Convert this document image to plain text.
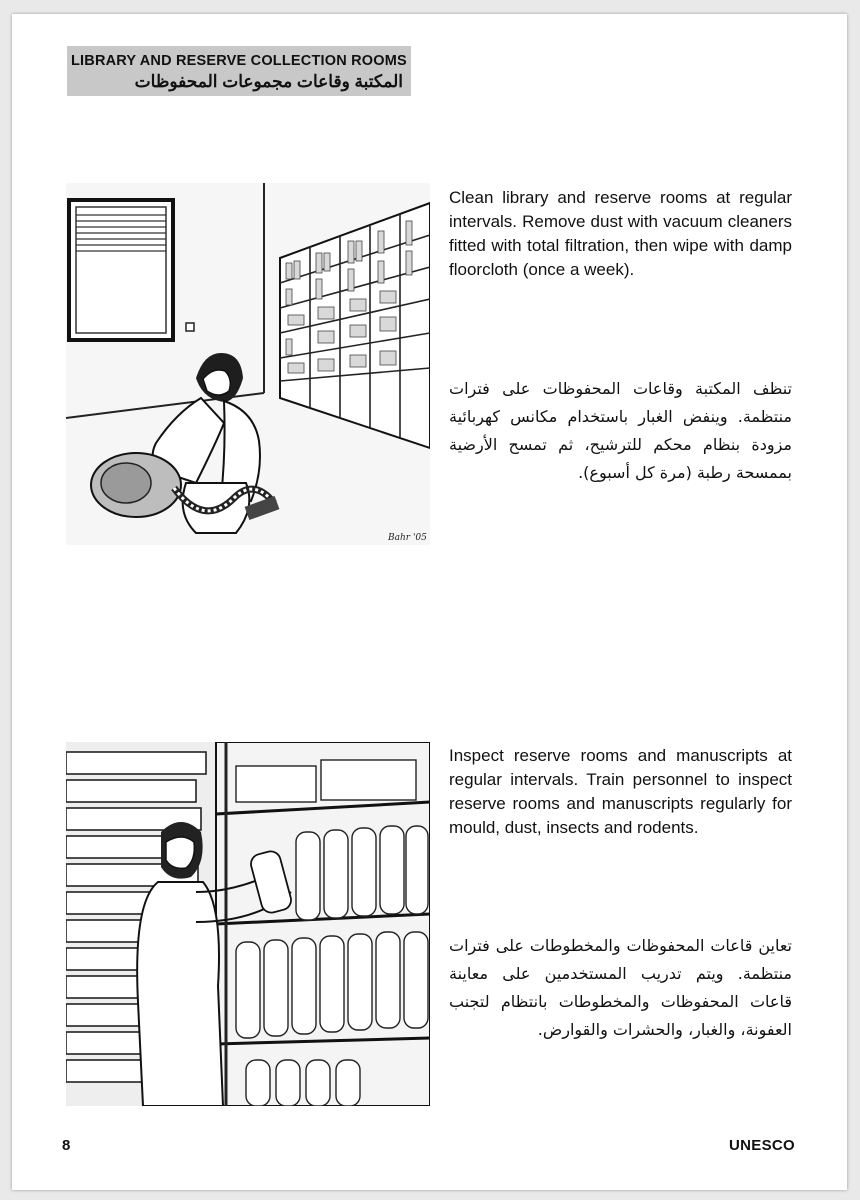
LIBRARY AND RESERVE COLLECTION ROOMS
المكتبة وقاعات مجموعات المحفوظات
Bahr '05
Clean library and reserve rooms at regular intervals. Remove dust with vacuum cleaners fitted with total filtration, then wipe with damp floorcloth (once a week).
تنظف المكتبة وقاعات المحفوظات على فترات منتظمة. وينفض الغبار باستخدام مكانس كهربائية مزودة بنظام محكم للترشيح، ثم تمسح الأرضية بممسحة رطبة (مرة كل أسبوع).
Inspect reserve rooms and manuscripts at regular intervals. Train personnel to inspect reserve rooms and manuscripts regularly for mould, dust, insects and rodents.
تعاين قاعات المحفوظات والمخطوطات على فترات منتظمة. ويتم تدريب المستخدمين على معاينة قاعات المحفوظات والمخطوطات بانتظام لتجنب العفونة، والغبار، والحشرات والقوارض.
8	UNESCO
